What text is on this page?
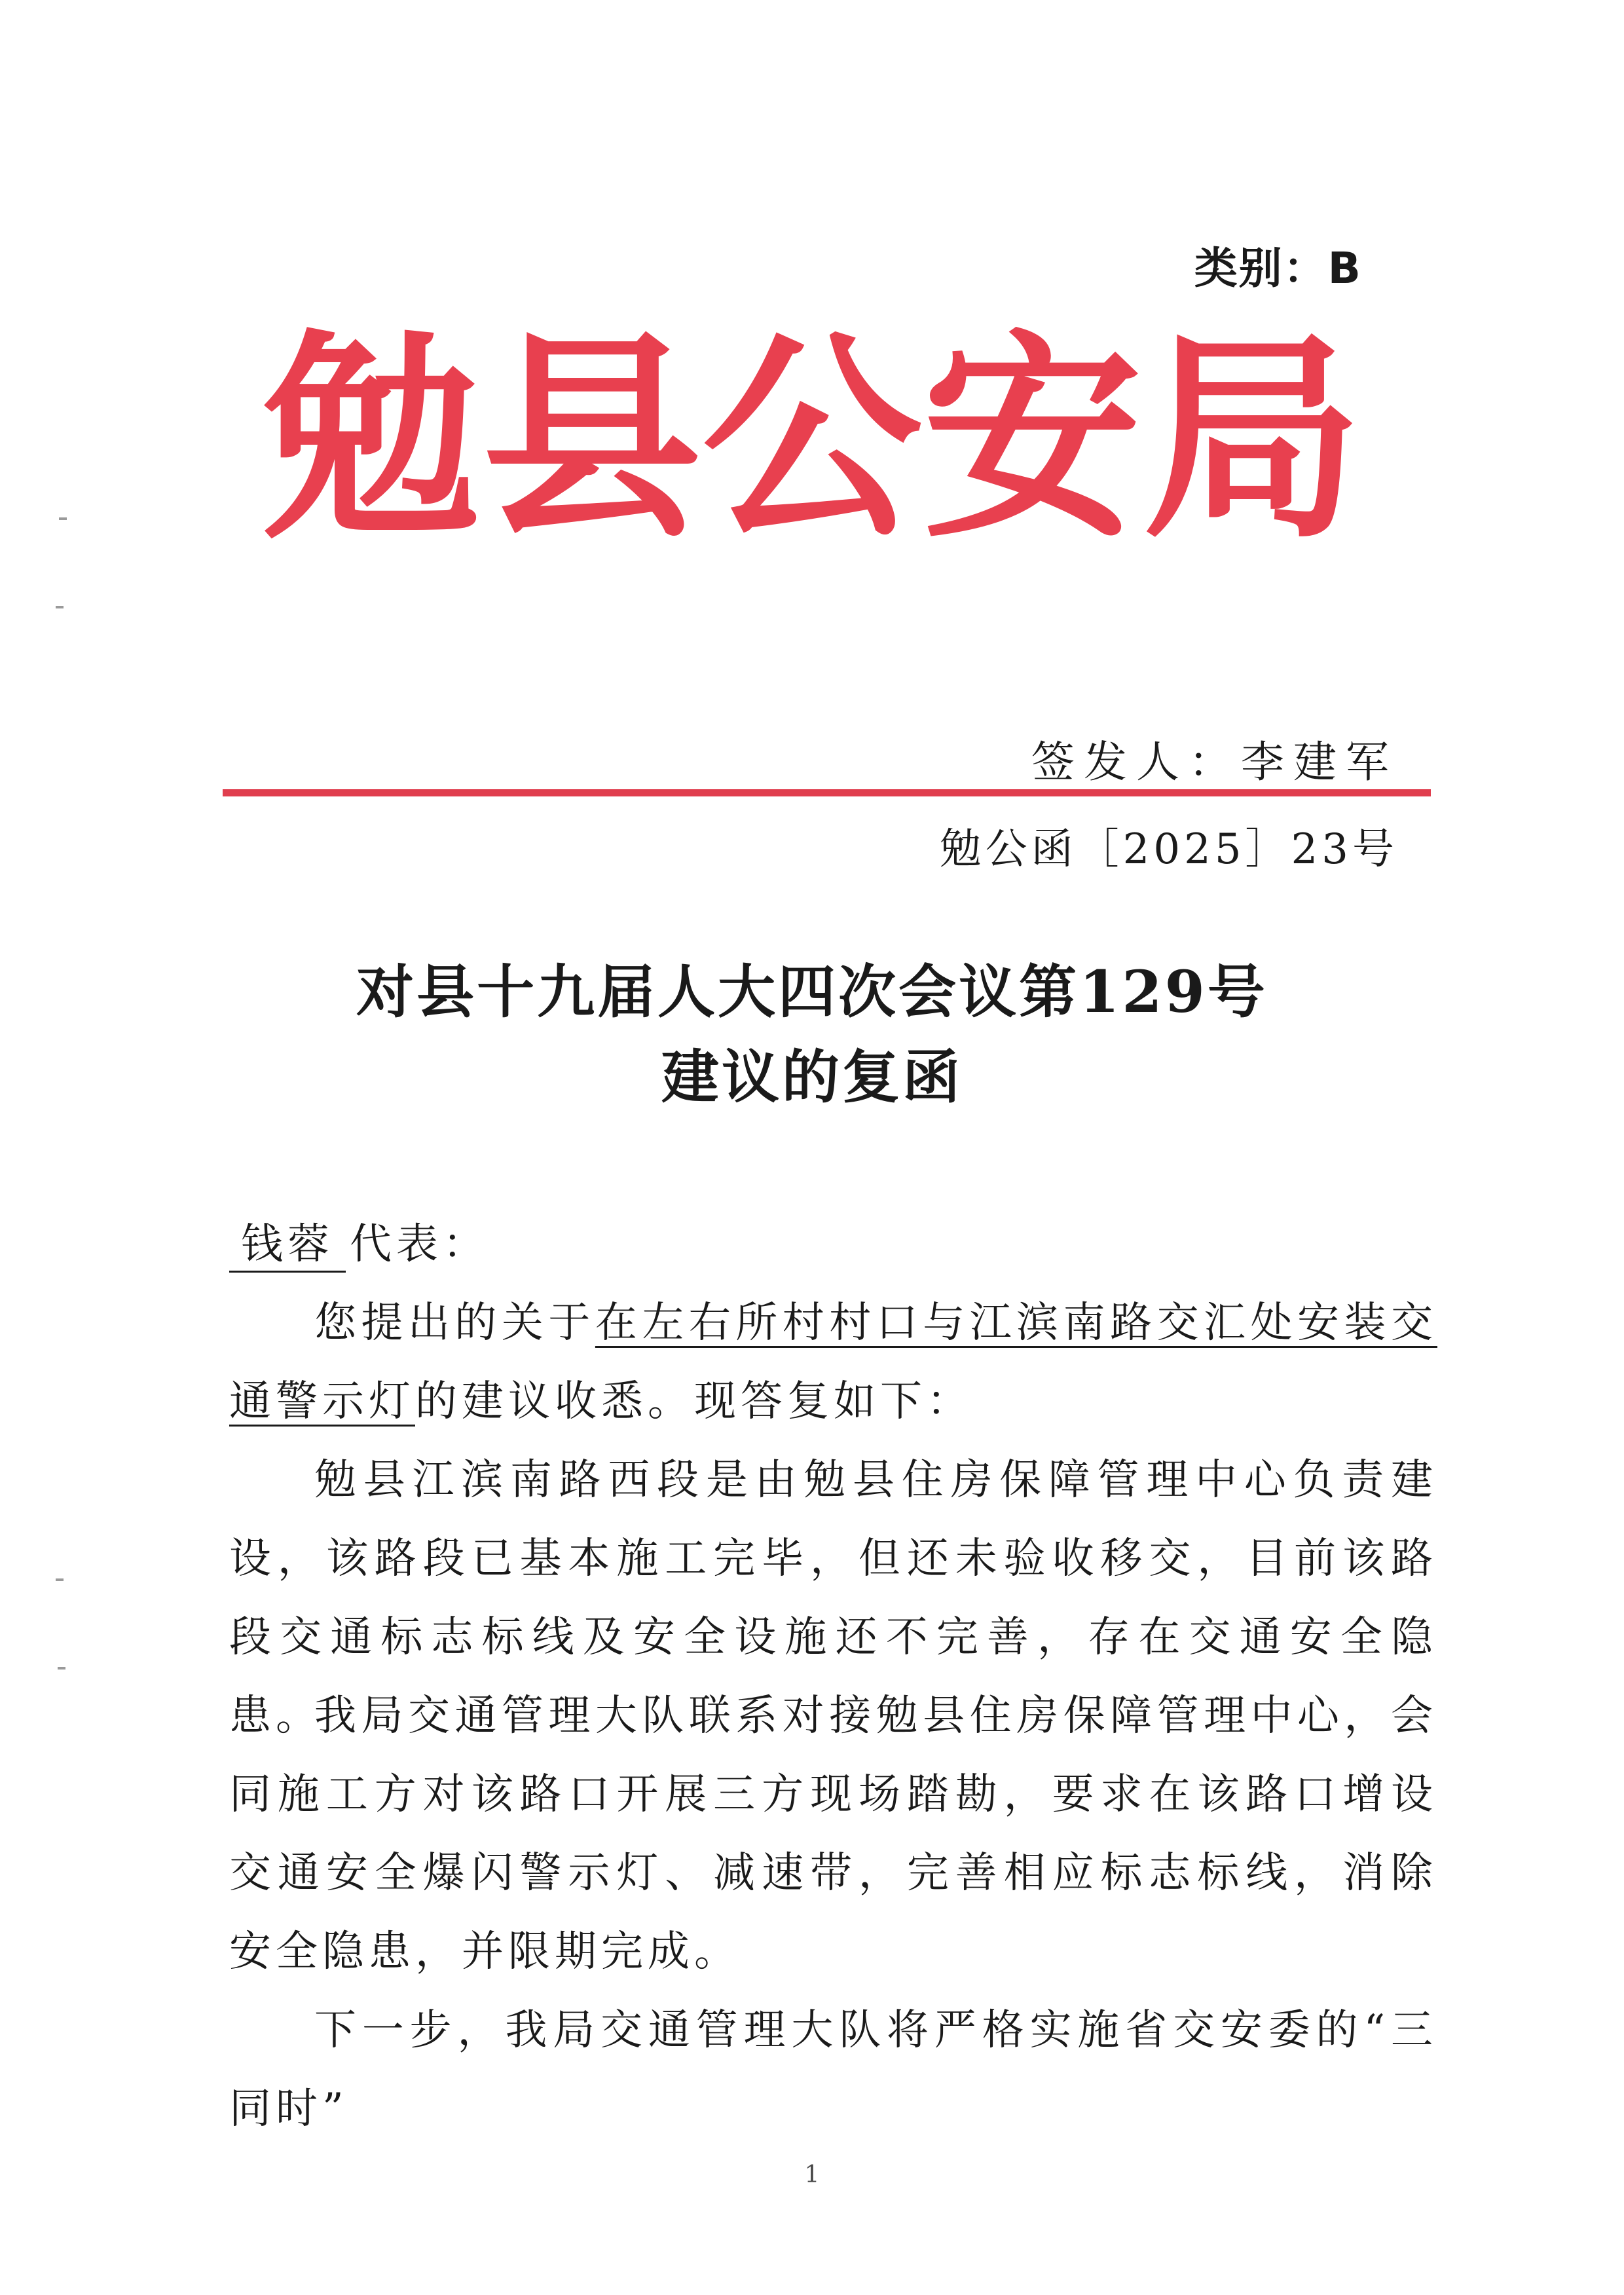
类别：B
勉 县 公 安 局
签发人：李建军
勉公函［2025］23号
对县十九届人大四次会议第129号
建议的复函
钱蓉 代表：
您提出的关于在左右所村村口与江滨南路交汇处安装交通警示灯的建议收悉。现答复如下：
勉县江滨南路西段是由勉县住房保障管理中心负责建设，该路段已基本施工完毕，但还未验收移交，目前该路段交通标志标线及安全设施还不完善，存在交通安全隐患。
我局交通管理大队联系对接勉县住房保障管理中心，会同施工方对该路口开展三方现场踏勘，要求在该路口增设交通安全爆闪警示灯、减速带，完善相应标志标线，消除安全隐患，并限期完成。
下一步，我局交通管理大队将严格实施省交安委的“三同时”
1
